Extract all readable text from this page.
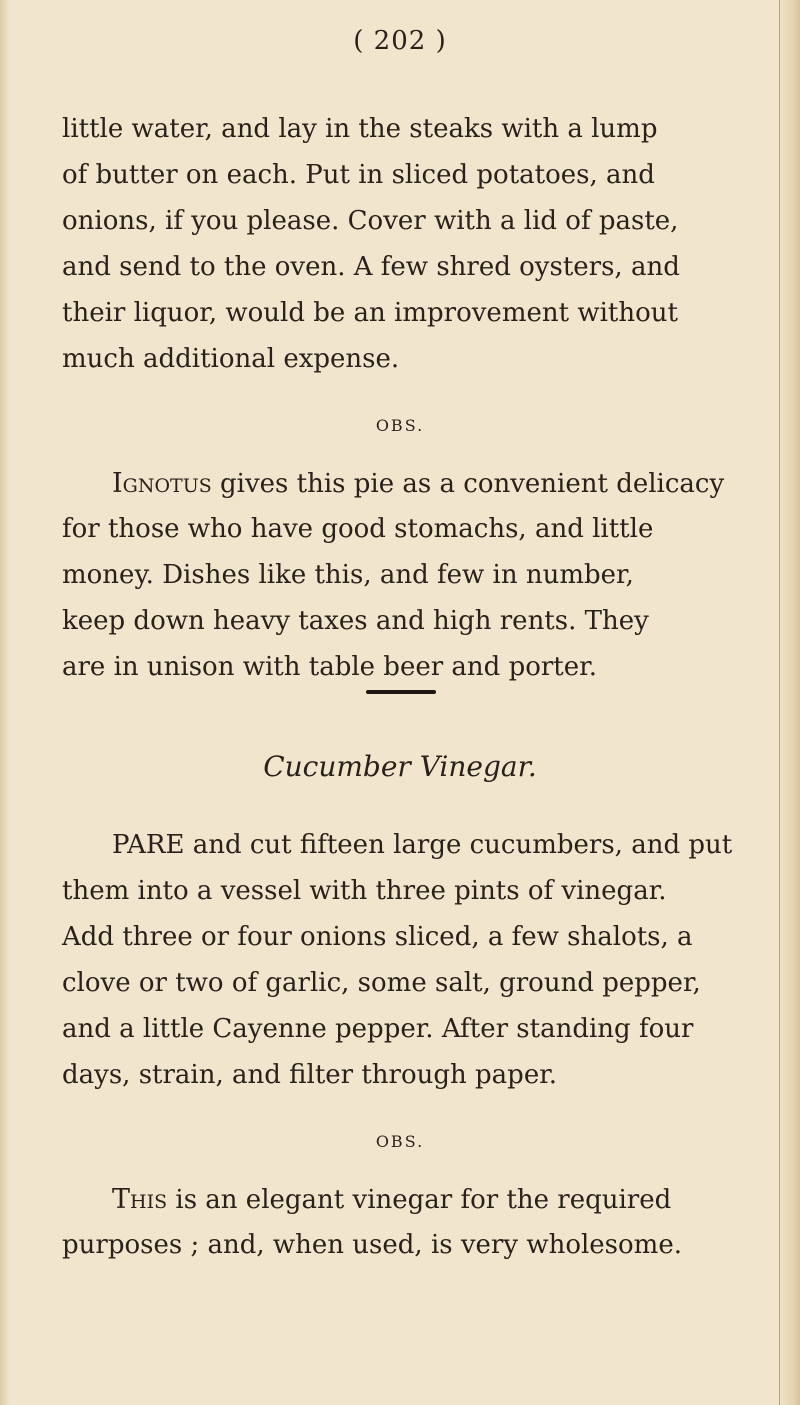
( 202 )
little water, and lay in the steaks with a lump
of butter on each. Put in sliced potatoes, and
onions, if you please. Cover with a lid of paste,
and send to the oven. A few shred oysters, and
their liquor, would be an improvement without
much additional expense.
OBS.
Ignotus gives this pie as a convenient delicacy
for those who have good stomachs, and little
money. Dishes like this, and few in number,
keep down heavy taxes and high rents. They
are in unison with table beer and porter.
Cucumber Vinegar.
PARE and cut fifteen large cucumbers, and put
them into a vessel with three pints of vinegar.
Add three or four onions sliced, a few shalots, a
clove or two of garlic, some salt, ground pepper,
and a little Cayenne pepper. After standing four
days, strain, and filter through paper.
OBS.
This is an elegant vinegar for the required
purposes ; and, when used, is very wholesome.
